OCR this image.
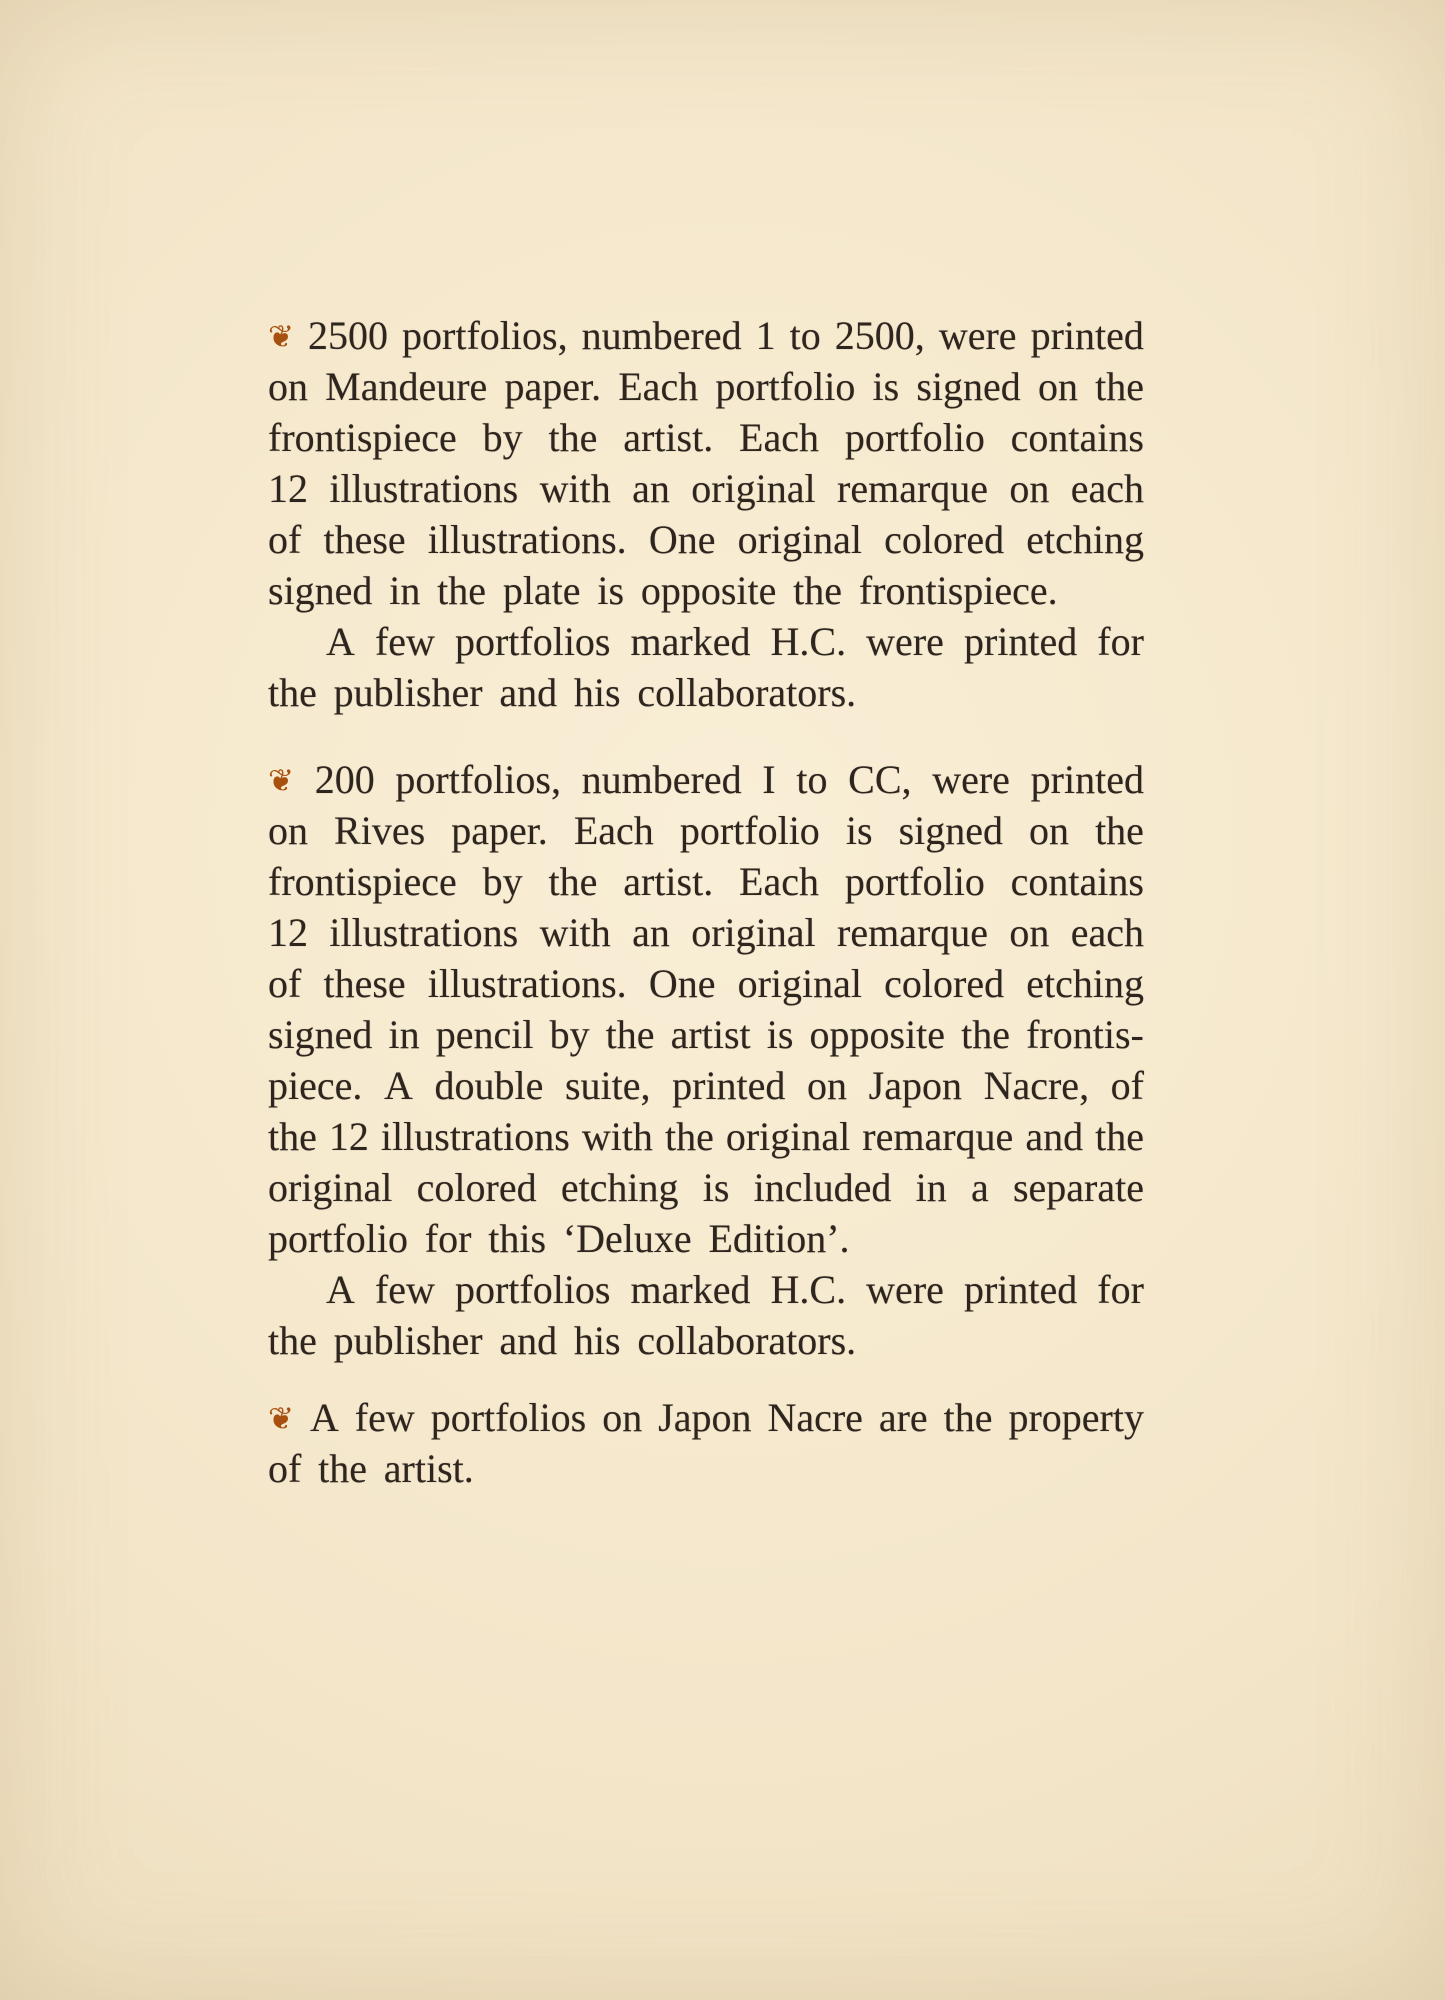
❦ 2500 portfolios, numbered 1 to 2500, were printed
on Mandeure paper. Each portfolio is signed on the
frontispiece by the artist. Each portfolio contains
12 illustrations with an original remarque on each
of these illustrations. One original colored etching
signed in the plate is opposite the frontispiece.
A few portfolios marked H.C. were printed for
the publisher and his collaborators.
❦ 200 portfolios, numbered I to CC, were printed
on Rives paper. Each portfolio is signed on the
frontispiece by the artist. Each portfolio contains
12 illustrations with an original remarque on each
of these illustrations. One original colored etching
signed in pencil by the artist is opposite the frontis-
piece. A double suite, printed on Japon Nacre, of
the 12 illustrations with the original remarque and the
original colored etching is included in a separate
portfolio for this ‘Deluxe Edition’.
A few portfolios marked H.C. were printed for
the publisher and his collaborators.
❦ A few portfolios on Japon Nacre are the property
of the artist.
